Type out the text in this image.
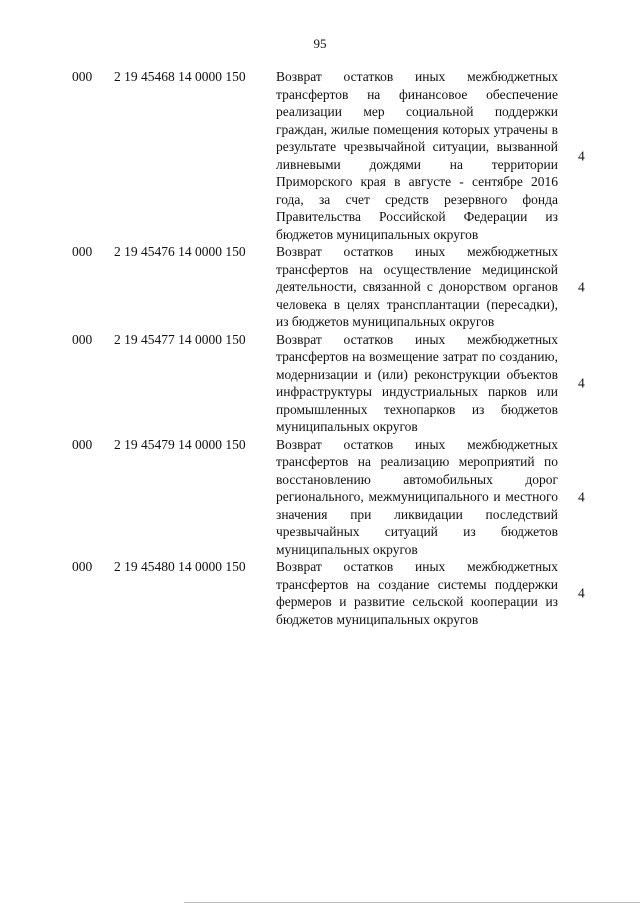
95
000 2 19 45468 14 0000 150 Возврат остатков иных межбюджетных трансфертов на финансовое обеспечение реализации мер социальной поддержки граждан, жилые помещения которых утрачены в результате чрезвычайной ситуации, вызванной ливневыми дождями на территории Приморского края в августе - сентябре 2016 года, за счет средств резервного фонда Правительства Российской Федерации из бюджетов муниципальных округов
4
000 2 19 45476 14 0000 150 Возврат остатков иных межбюджетных трансфертов на осуществление медицинской деятельности, связанной с донорством органов человека в целях трансплантации (пересадки), из бюджетов муниципальных округов
4
000 2 19 45477 14 0000 150 Возврат остатков иных межбюджетных трансфертов на возмещение затрат по созданию, модернизации и (или) реконструкции объектов инфраструктуры индустриальных парков или промышленных технопарков из бюджетов муниципальных округов
4
000 2 19 45479 14 0000 150 Возврат остатков иных межбюджетных трансфертов на реализацию мероприятий по восстановлению автомобильных дорог регионального, межмуниципального и местного значения при ликвидации последствий чрезвычайных ситуаций из бюджетов муниципальных округов
4
000 2 19 45480 14 0000 150 Возврат остатков иных межбюджетных трансфертов на создание системы поддержки фермеров и развитие сельской кооперации из бюджетов муниципальных округов
4
